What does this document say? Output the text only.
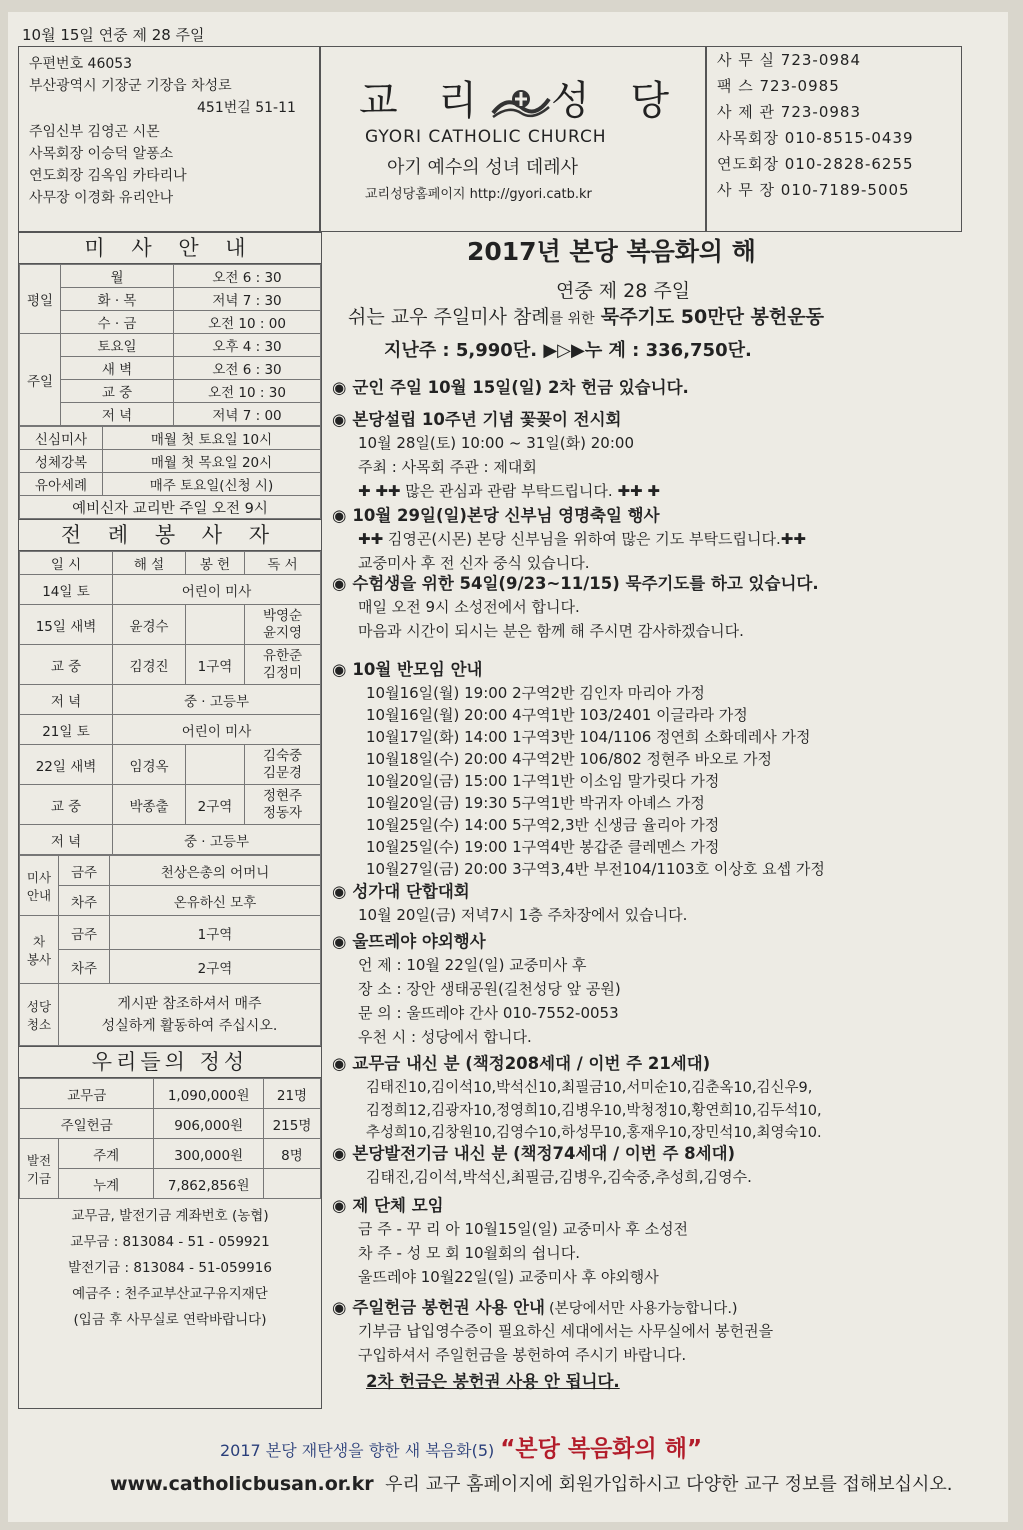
10월 15일 연중 제 28 주일
우편번호 46053
부산광역시 기장군 기장읍 차성로
451번길 51-11
주임신부 김영곤 시몬
사목회장 이승덕 알퐁소
연도회장 김옥임 카타리나
사무장 이경화 유리안나
교 리 성 당
GYORI CATHOLIC CHURCH
아기 예수의 성녀 데레사
교리성당홈페이지 http://gyori.catb.kr
사 무 실 723-0984
팩 스 723-0985
사 제 관 723-0983
사목회장 010-8515-0439
연도회장 010-2828-6255
사 무 장 010-7189-5005
미 사 안 내
평일	월	오전 6 : 30
	화 · 목	저녁 7 : 30
	수 · 금	오전 10 : 00
주일	토요일	오후 4 : 30
	새 벽	오전 6 : 30
	교 중	오전 10 : 30
	저 녁	저녁 7 : 00
신심미사	매월 첫 토요일 10시
성체강복	매월 첫 목요일 20시
유아세례	매주 토요일(신청 시)
예비신자 교리반 주일 오전 9시	
전 례 봉 사 자
일 시	해 설	봉 헌	독 서
14일 토	어린이 미사		
15일 새벽	윤경수		박영순
윤지영
교 중	김경진	1구역	유한준
김정미
저 녁	중 · 고등부		
21일 토	어린이 미사		
22일 새벽	임경옥		김숙중
김문경
교 중	박종출	2구역	정현주
정동자
저 녁	중 · 고등부		
미사
안내	금주	천상은총의 어머니
	차주	온유하신 모후
차
봉사	금주	1구역
	차주	2구역
성당
청소	게시판 참조하셔서 매주
성실하게 활동하여 주십시오.	
우리들의 정성
교무금		1,090,000원	21명
주일헌금		906,000원	215명
발전
기금	주계	300,000원	8명
	누계	7,862,856원	
교무금, 발전기금 계좌번호 (농협)
교무금 : 813084 - 51 - 059921
발전기금 : 813084 - 51-059916
예금주 : 천주교부산교구유지재단
(입금 후 사무실로 연락바랍니다)
2017년 본당 복음화의 해
연중 제 28 주일
쉬는 교우 주일미사 참례를 위한 묵주기도 50만단 봉헌운동
지난주 : 5,990단. ▶▷▶누 계 : 336,750단.
◉ 군인 주일 10월 15일(일) 2차 헌금 있습니다.
◉ 본당설립 10주년 기념 꽃꽂이 전시회
10월 28일(토) 10:00 ~ 31일(화) 20:00
주최 : 사목회 주관 : 제대회
✚ ✚✚ 많은 관심과 관람 부탁드립니다. ✚✚ ✚
◉ 10월 29일(일)본당 신부님 영명축일 행사
✚✚ 김영곤(시몬) 본당 신부님을 위하여 많은 기도 부탁드립니다.✚✚
교중미사 후 전 신자 중식 있습니다.
◉ 수험생을 위한 54일(9/23~11/15) 묵주기도를 하고 있습니다.
매일 오전 9시 소성전에서 합니다.
마음과 시간이 되시는 분은 함께 해 주시면 감사하겠습니다.
◉ 10월 반모임 안내
10월16일(월) 19:00 2구역2반 김인자 마리아 가정
10월16일(월) 20:00 4구역1반 103/2401 이글라라 가정
10월17일(화) 14:00 1구역3반 104/1106 정연희 소화데레사 가정
10월18일(수) 20:00 4구역2반 106/802 정현주 바오로 가정
10월20일(금) 15:00 1구역1반 이소임 말가릿다 가정
10월20일(금) 19:30 5구역1반 박귀자 아녜스 가정
10월25일(수) 14:00 5구역2,3반 신생금 율리아 가정
10월25일(수) 19:00 1구역4반 봉갑준 클레멘스 가정
10월27일(금) 20:00 3구역3,4반 부전104/1103호 이상호 요셉 가정
◉ 성가대 단합대회
10월 20일(금) 저녁7시 1층 주차장에서 있습니다.
◉ 울뜨레야 야외행사
언 제 : 10월 22일(일) 교중미사 후
장 소 : 장안 생태공원(길천성당 앞 공원)
문 의 : 울뜨레야 간사 010-7552-0053
우천 시 : 성당에서 합니다.
◉ 교무금 내신 분 (책정208세대 / 이번 주 21세대)
김태진10,김이석10,박석신10,최필금10,서미순10,김춘옥10,김신우9,
김정희12,김광자10,정영희10,김병우10,박청정10,황연희10,김두석10,
추성희10,김창원10,김영수10,하성무10,홍재우10,장민석10,최영숙10.
◉ 본당발전기금 내신 분 (책정74세대 / 이번 주 8세대)
김태진,김이석,박석신,최필금,김병우,김숙중,추성희,김영수.
◉ 제 단체 모임
금 주 - 꾸 리 아 10월15일(일) 교중미사 후 소성전
차 주 - 성 모 회 10월회의 쉽니다.
울뜨레야 10월22일(일) 교중미사 후 야외행사
◉ 주일헌금 봉헌권 사용 안내 (본당에서만 사용가능합니다.)
기부금 납입영수증이 필요하신 세대에서는 사무실에서 봉헌권을
구입하셔서 주일헌금을 봉헌하여 주시기 바랍니다.
2차 헌금은 봉헌권 사용 안 됩니다.
2017 본당 재탄생을 향한 새 복음화(5) “본당 복음화의 해”
www.catholicbusan.or.kr 우리 교구 홈페이지에 회원가입하시고 다양한 교구 정보를 접해보십시오.
